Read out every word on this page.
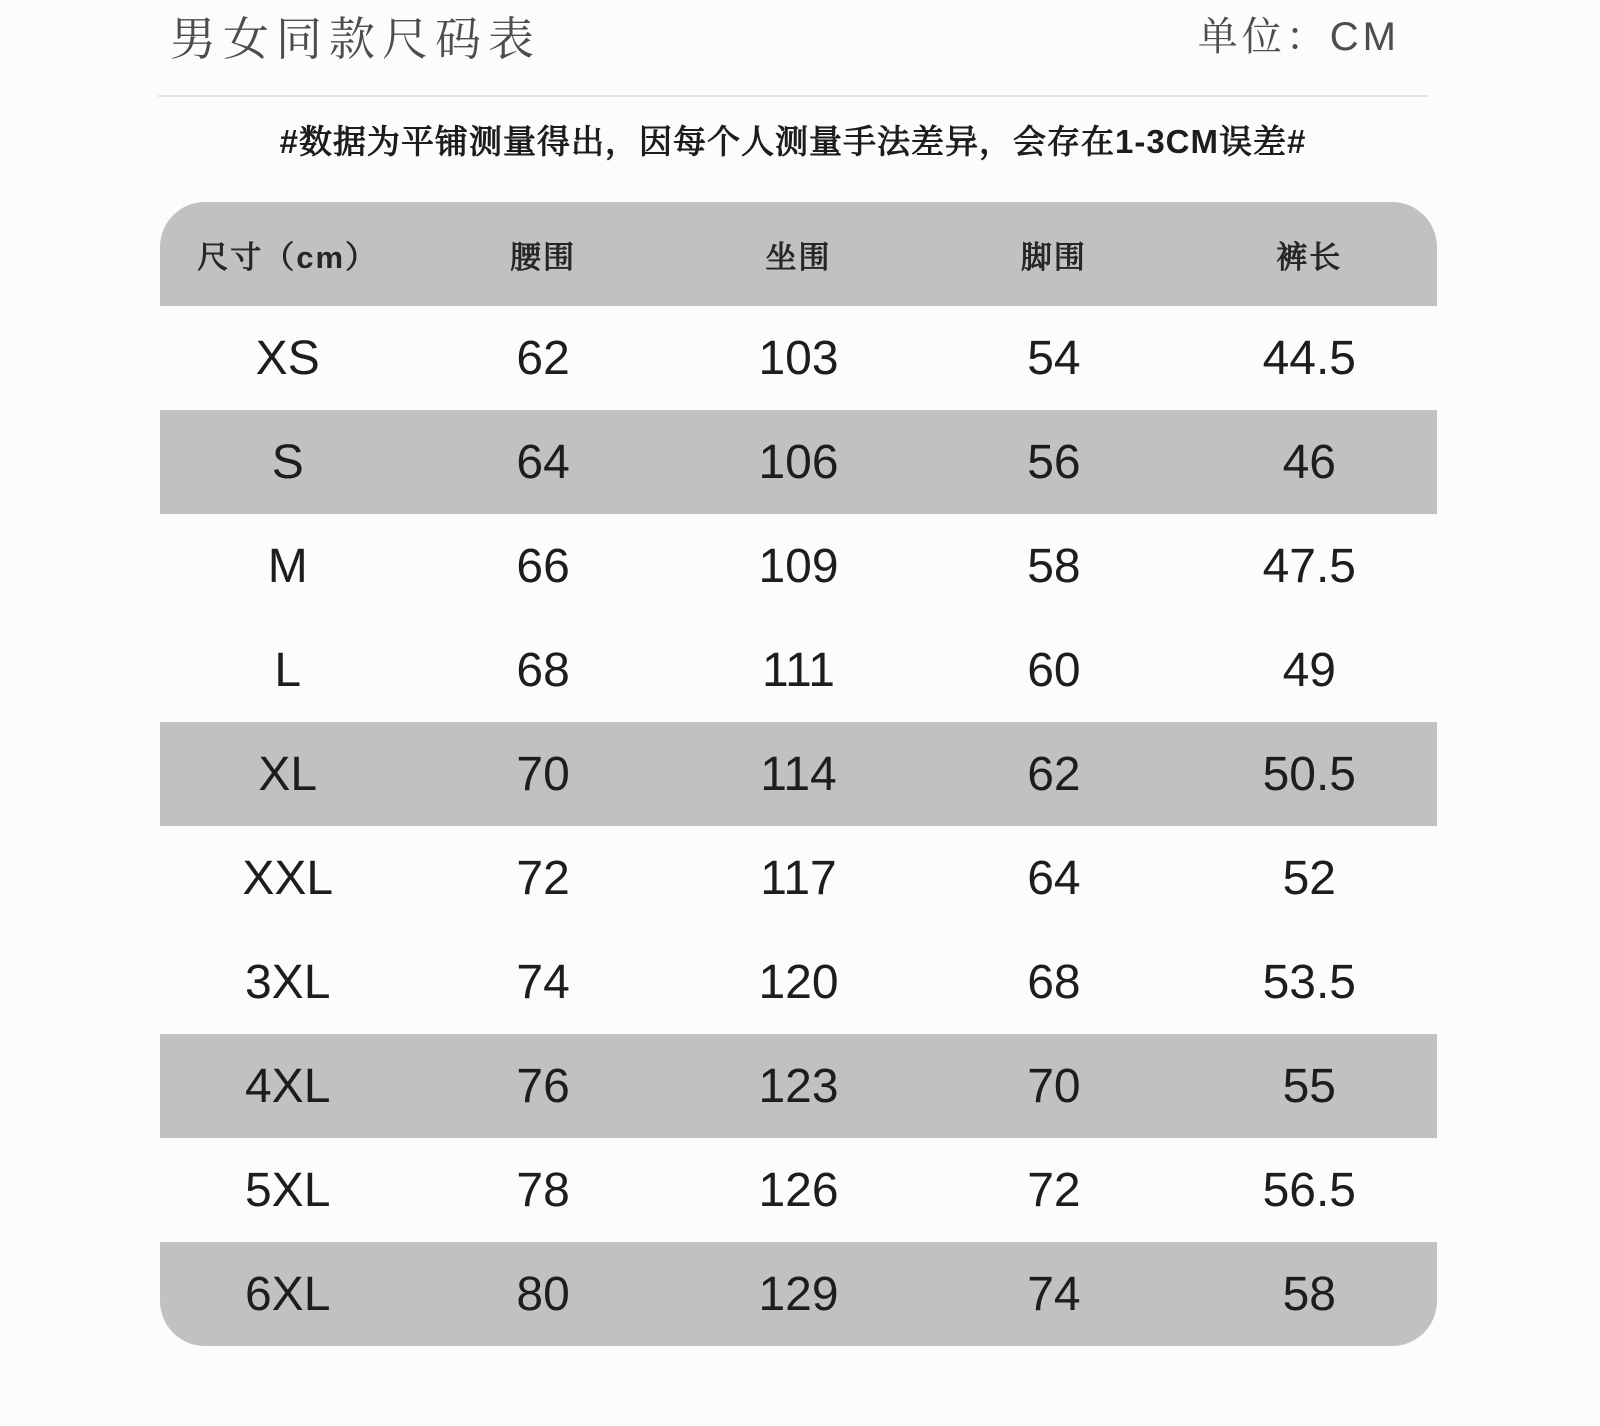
男女同款尺码表	单位：CM

#数据为平铺测量得出，因每个人测量手法差异，会存在1-3CM误差#

尺寸（cm）	腰围	坐围	脚围	裤长
XS	62	103	54	44.5
S	64	106	56	46
M	66	109	58	47.5
L	68	111	60	49
XL	70	114	62	50.5
XXL	72	117	64	52
3XL	74	120	68	53.5
4XL	76	123	70	55
5XL	78	126	72	56.5
6XL	80	129	74	58
